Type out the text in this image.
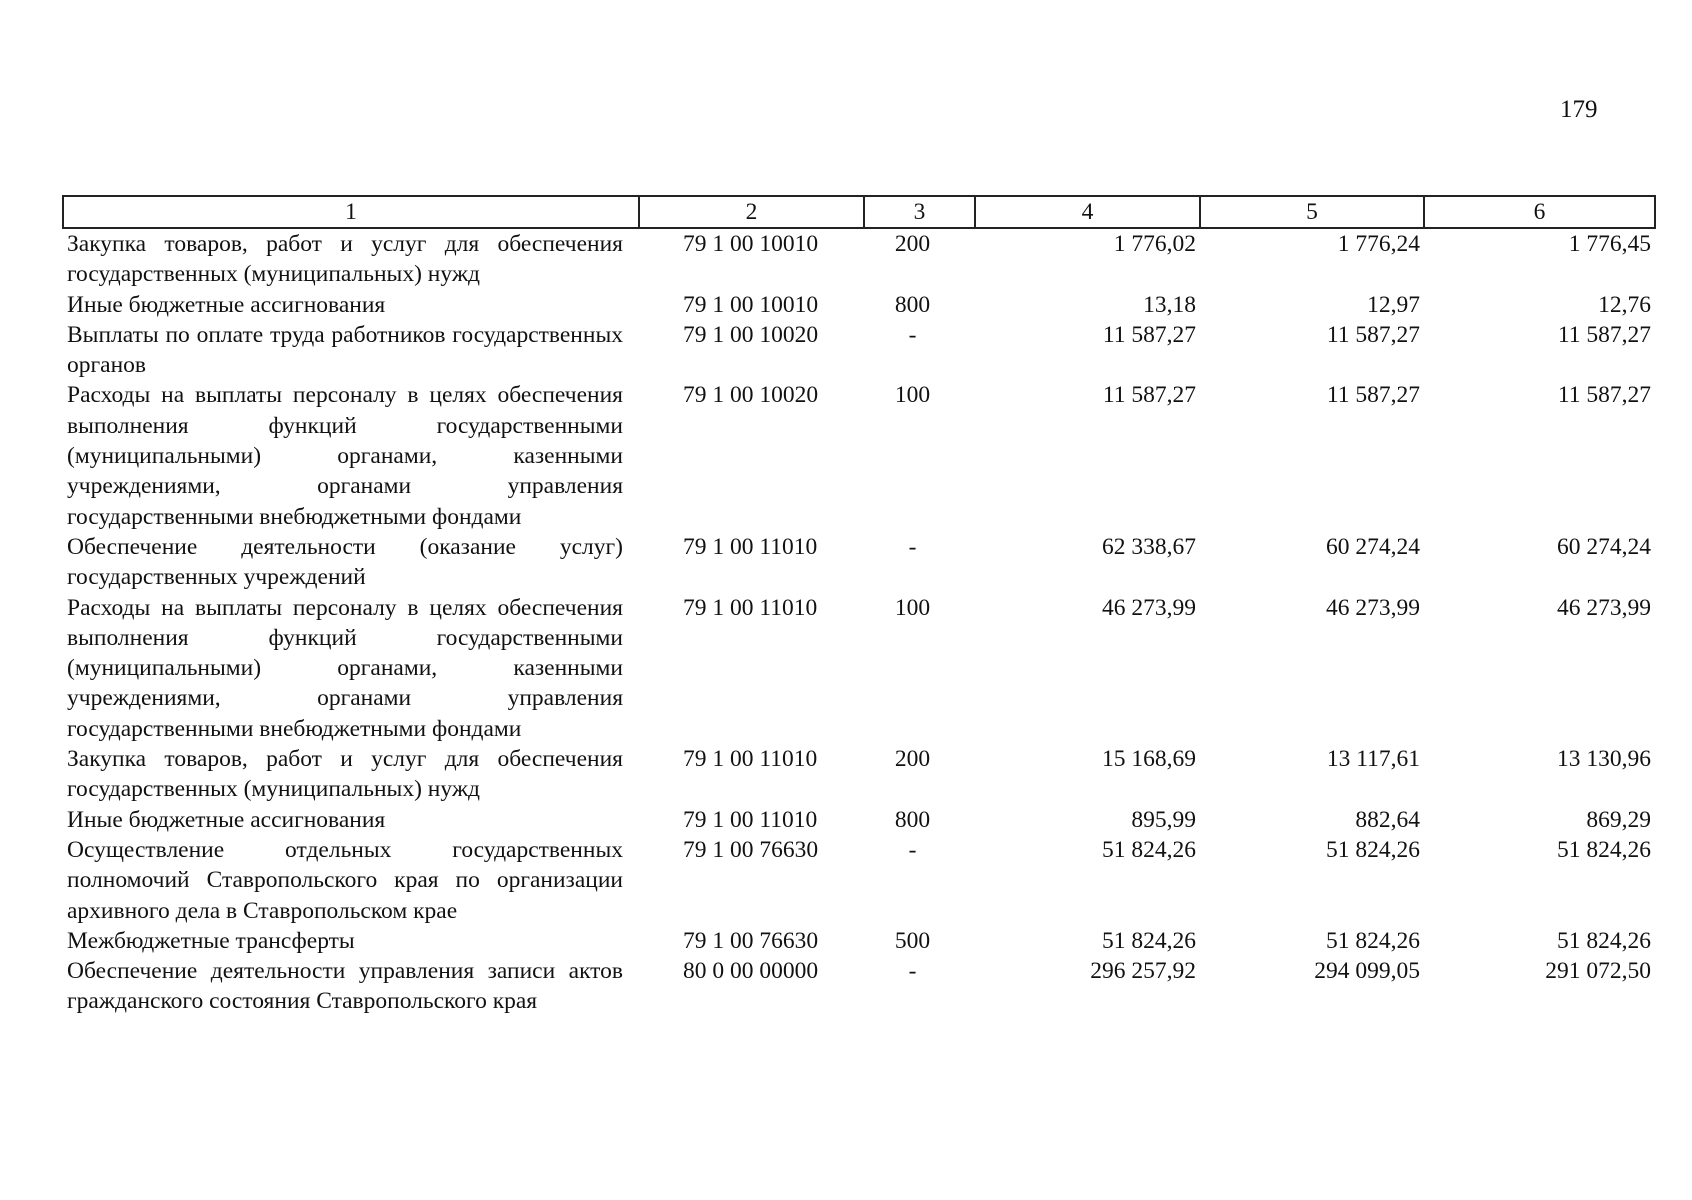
179
1	2	3	4	5	6
Закупка товаров, работ и услуг для обеспечения государственных (муниципальных) нужд	79 1 00 10010	200	1 776,02	1 776,24	1 776,45
Иные бюджетные ассигнования	79 1 00 10010	800	13,18	12,97	12,76
Выплаты по оплате труда работников государственных органов	79 1 00 10020	-	11 587,27	11 587,27	11 587,27
Расходы на выплаты персоналу в целях обеспечения выполнения функций государственными (муниципальными) органами, казенными учреждениями, органами управления государственными внебюджетными фондами	79 1 00 10020	100	11 587,27	11 587,27	11 587,27
Обеспечение деятельности (оказание услуг) государственных учреждений	79 1 00 11010	-	62 338,67	60 274,24	60 274,24
Расходы на выплаты персоналу в целях обеспечения выполнения функций государственными (муниципальными) органами, казенными учреждениями, органами управления государственными внебюджетными фондами	79 1 00 11010	100	46 273,99	46 273,99	46 273,99
Закупка товаров, работ и услуг для обеспечения государственных (муниципальных) нужд	79 1 00 11010	200	15 168,69	13 117,61	13 130,96
Иные бюджетные ассигнования	79 1 00 11010	800	895,99	882,64	869,29
Осуществление отдельных государственных полномочий Ставропольского края по организации архивного дела в Ставропольском крае	79 1 00 76630	-	51 824,26	51 824,26	51 824,26
Межбюджетные трансферты	79 1 00 76630	500	51 824,26	51 824,26	51 824,26
Обеспечение деятельности управления записи актов гражданского состояния Ставропольского края	80 0 00 00000	-	296 257,92	294 099,05	291 072,50
